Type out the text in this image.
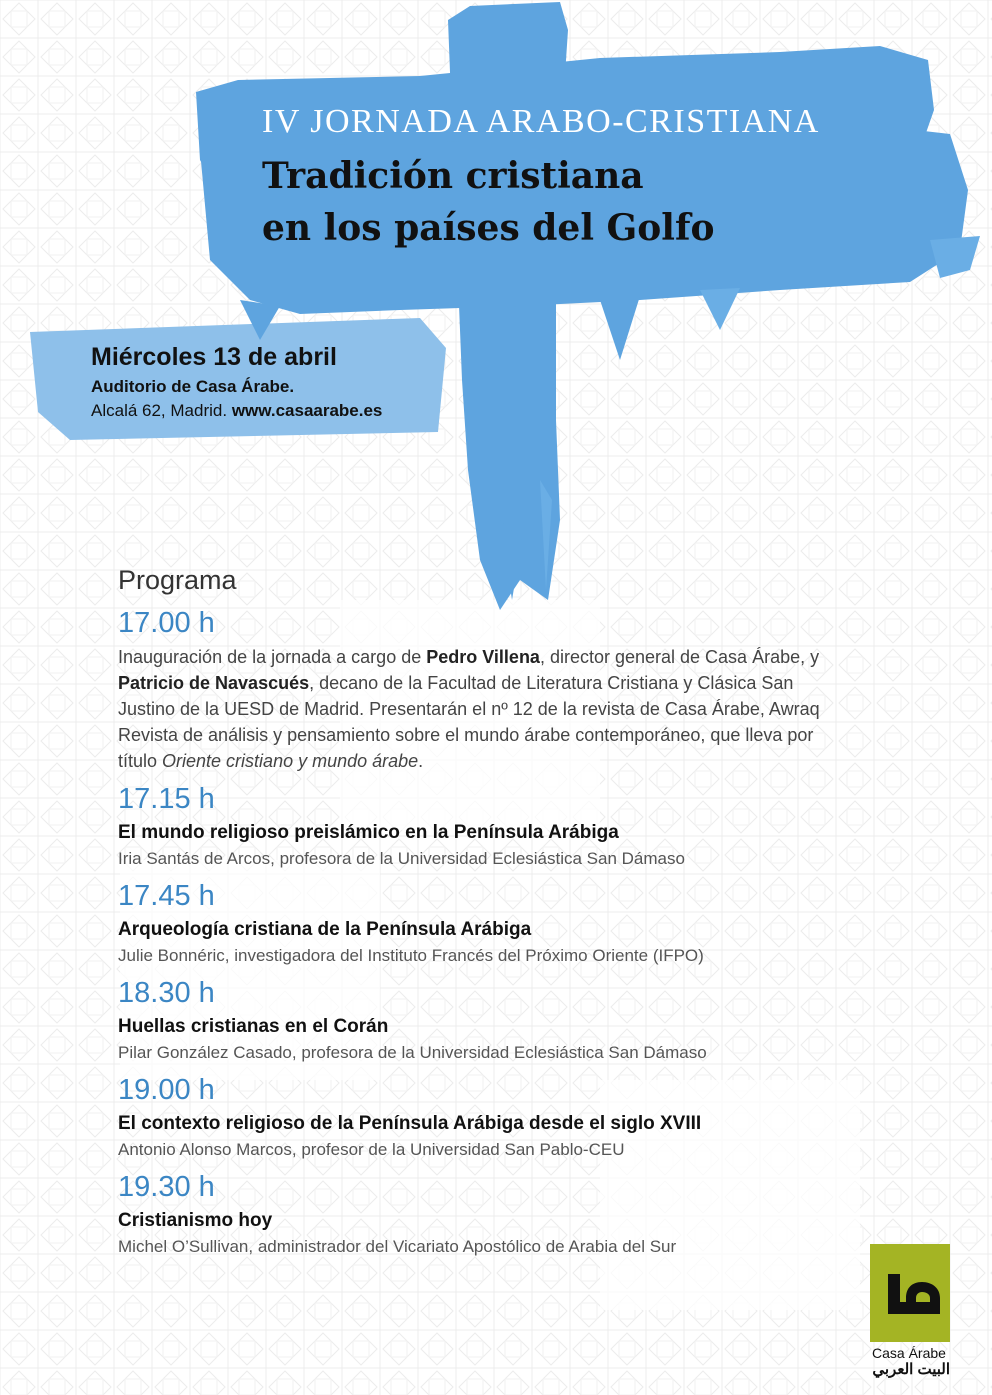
IV JORNADA ARABO-CRISTIANA

Tradición cristiana

en los países del Golfo

Miércoles 13 de abril

Auditorio de Casa Árabe.

Alcalá 62, Madrid. www.casaarabe.es

Programa

17.00 h

Inauguración de la jornada a cargo de Pedro Villena, director general de Casa Árabe, y Patricio de Navascués, decano de la Facultad de Literatura Cristiana y Clásica San Justino de la UESD de Madrid. Presentarán el nº 12 de la revista de Casa Árabe, Awraq Revista de análisis y pensamiento sobre el mundo árabe contemporáneo, que lleva por título Oriente cristiano y mundo árabe.

17.15 h

El mundo religioso preislámico en la Península Arábiga

Iria Santás de Arcos, profesora de la Universidad Eclesiástica San Dámaso

17.45 h

Arqueología cristiana de la Península Arábiga

Julie Bonnéric, investigadora del Instituto Francés del Próximo Oriente (IFPO)

18.30 h

Huellas cristianas en el Corán

Pilar González Casado, profesora de la Universidad Eclesiástica San Dámaso

19.00 h

El contexto religioso de la Península Arábiga desde el siglo XVIII

Antonio Alonso Marcos, profesor de la Universidad San Pablo-CEU

19.30 h

Cristianismo hoy

Michel O’Sullivan, administrador del Vicariato Apostólico de Arabia del Sur

Casa Árabe

البيت العربي
